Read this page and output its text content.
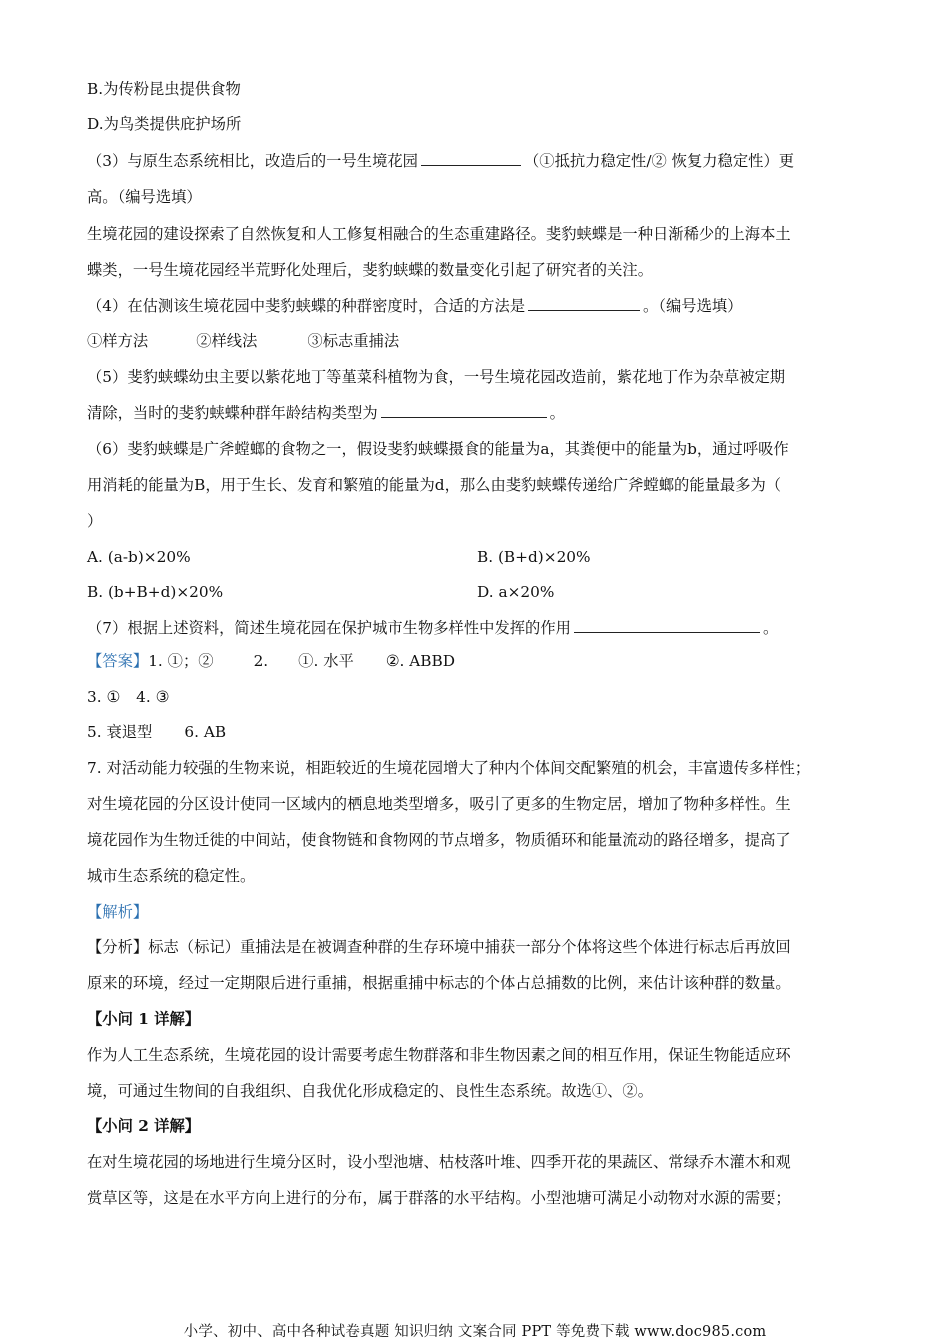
B.为传粉昆虫提供食物
D.为鸟类提供庇护场所
（3）与原生态系统相比，改造后的一号生境花园	（①抵抗力稳定性/② 恢复力稳定性）更
高。（编号选填）
生境花园的建设探索了自然恢复和人工修复相融合的生态重建路径。斐豹蛱蝶是一种日渐稀少的上海本土
蝶类，一号生境花园经半荒野化处理后，斐豹蛱蝶的数量变化引起了研究者的关注。
（4）在估测该生境花园中斐豹蛱蝶的种群密度时，合适的方法是	。（编号选填）
①样方法	②样线法	③标志重捕法
（5）斐豹蛱蝶幼虫主要以紫花地丁等堇菜科植物为食，一号生境花园改造前，紫花地丁作为杂草被定期
清除，当时的斐豹蛱蝶种群年龄结构类型为	。
（6）斐豹蛱蝶是广斧螳螂的食物之一，假设斐豹蛱蝶摄食的能量为a，其粪便中的能量为b，通过呼吸作
用消耗的能量为B，用于生长、发育和繁殖的能量为d，那么由斐豹蛱蝶传递给广斧螳螂的能量最多为（
）
A. (a-b)×20%	B. (B+d)×20%
B. (b+B+d)×20%	D. a×20%
（7）根据上述资料，简述生境花园在保护城市生物多样性中发挥的作用	。
【答案】1. ①；②	2. ①. 水平 ②. ABBD
3. ① 4. ③
5. 衰退型 6. AB
7. 对活动能力较强的生物来说，相距较近的生境花园增大了种内个体间交配繁殖的机会，丰富遗传多样性；
对生境花园的分区设计使同一区域内的栖息地类型增多，吸引了更多的生物定居，增加了物种多样性。生
境花园作为生物迁徙的中间站，使食物链和食物网的节点增多，物质循环和能量流动的路径增多，提高了
城市生态系统的稳定性。
【解析】
【分析】标志（标记）重捕法是在被调查种群的生存环境中捕获一部分个体将这些个体进行标志后再放回
原来的环境，经过一定期限后进行重捕，根据重捕中标志的个体占总捕数的比例，来估计该种群的数量。
【小问 1 详解】
作为人工生态系统，生境花园的设计需要考虑生物群落和非生物因素之间的相互作用，保证生物能适应环
境，可通过生物间的自我组织、自我优化形成稳定的、良性生态系统。故选①、②。
【小问 2 详解】
在对生境花园的场地进行生境分区时，设小型池塘、枯枝落叶堆、四季开花的果蔬区、常绿乔木灌木和观
赏草区等，这是在水平方向上进行的分布，属于群落的水平结构。小型池塘可满足小动物对水源的需要；
小学、初中、高中各种试卷真题 知识归纳 文案合同 PPT 等免费下载 www.doc985.com
